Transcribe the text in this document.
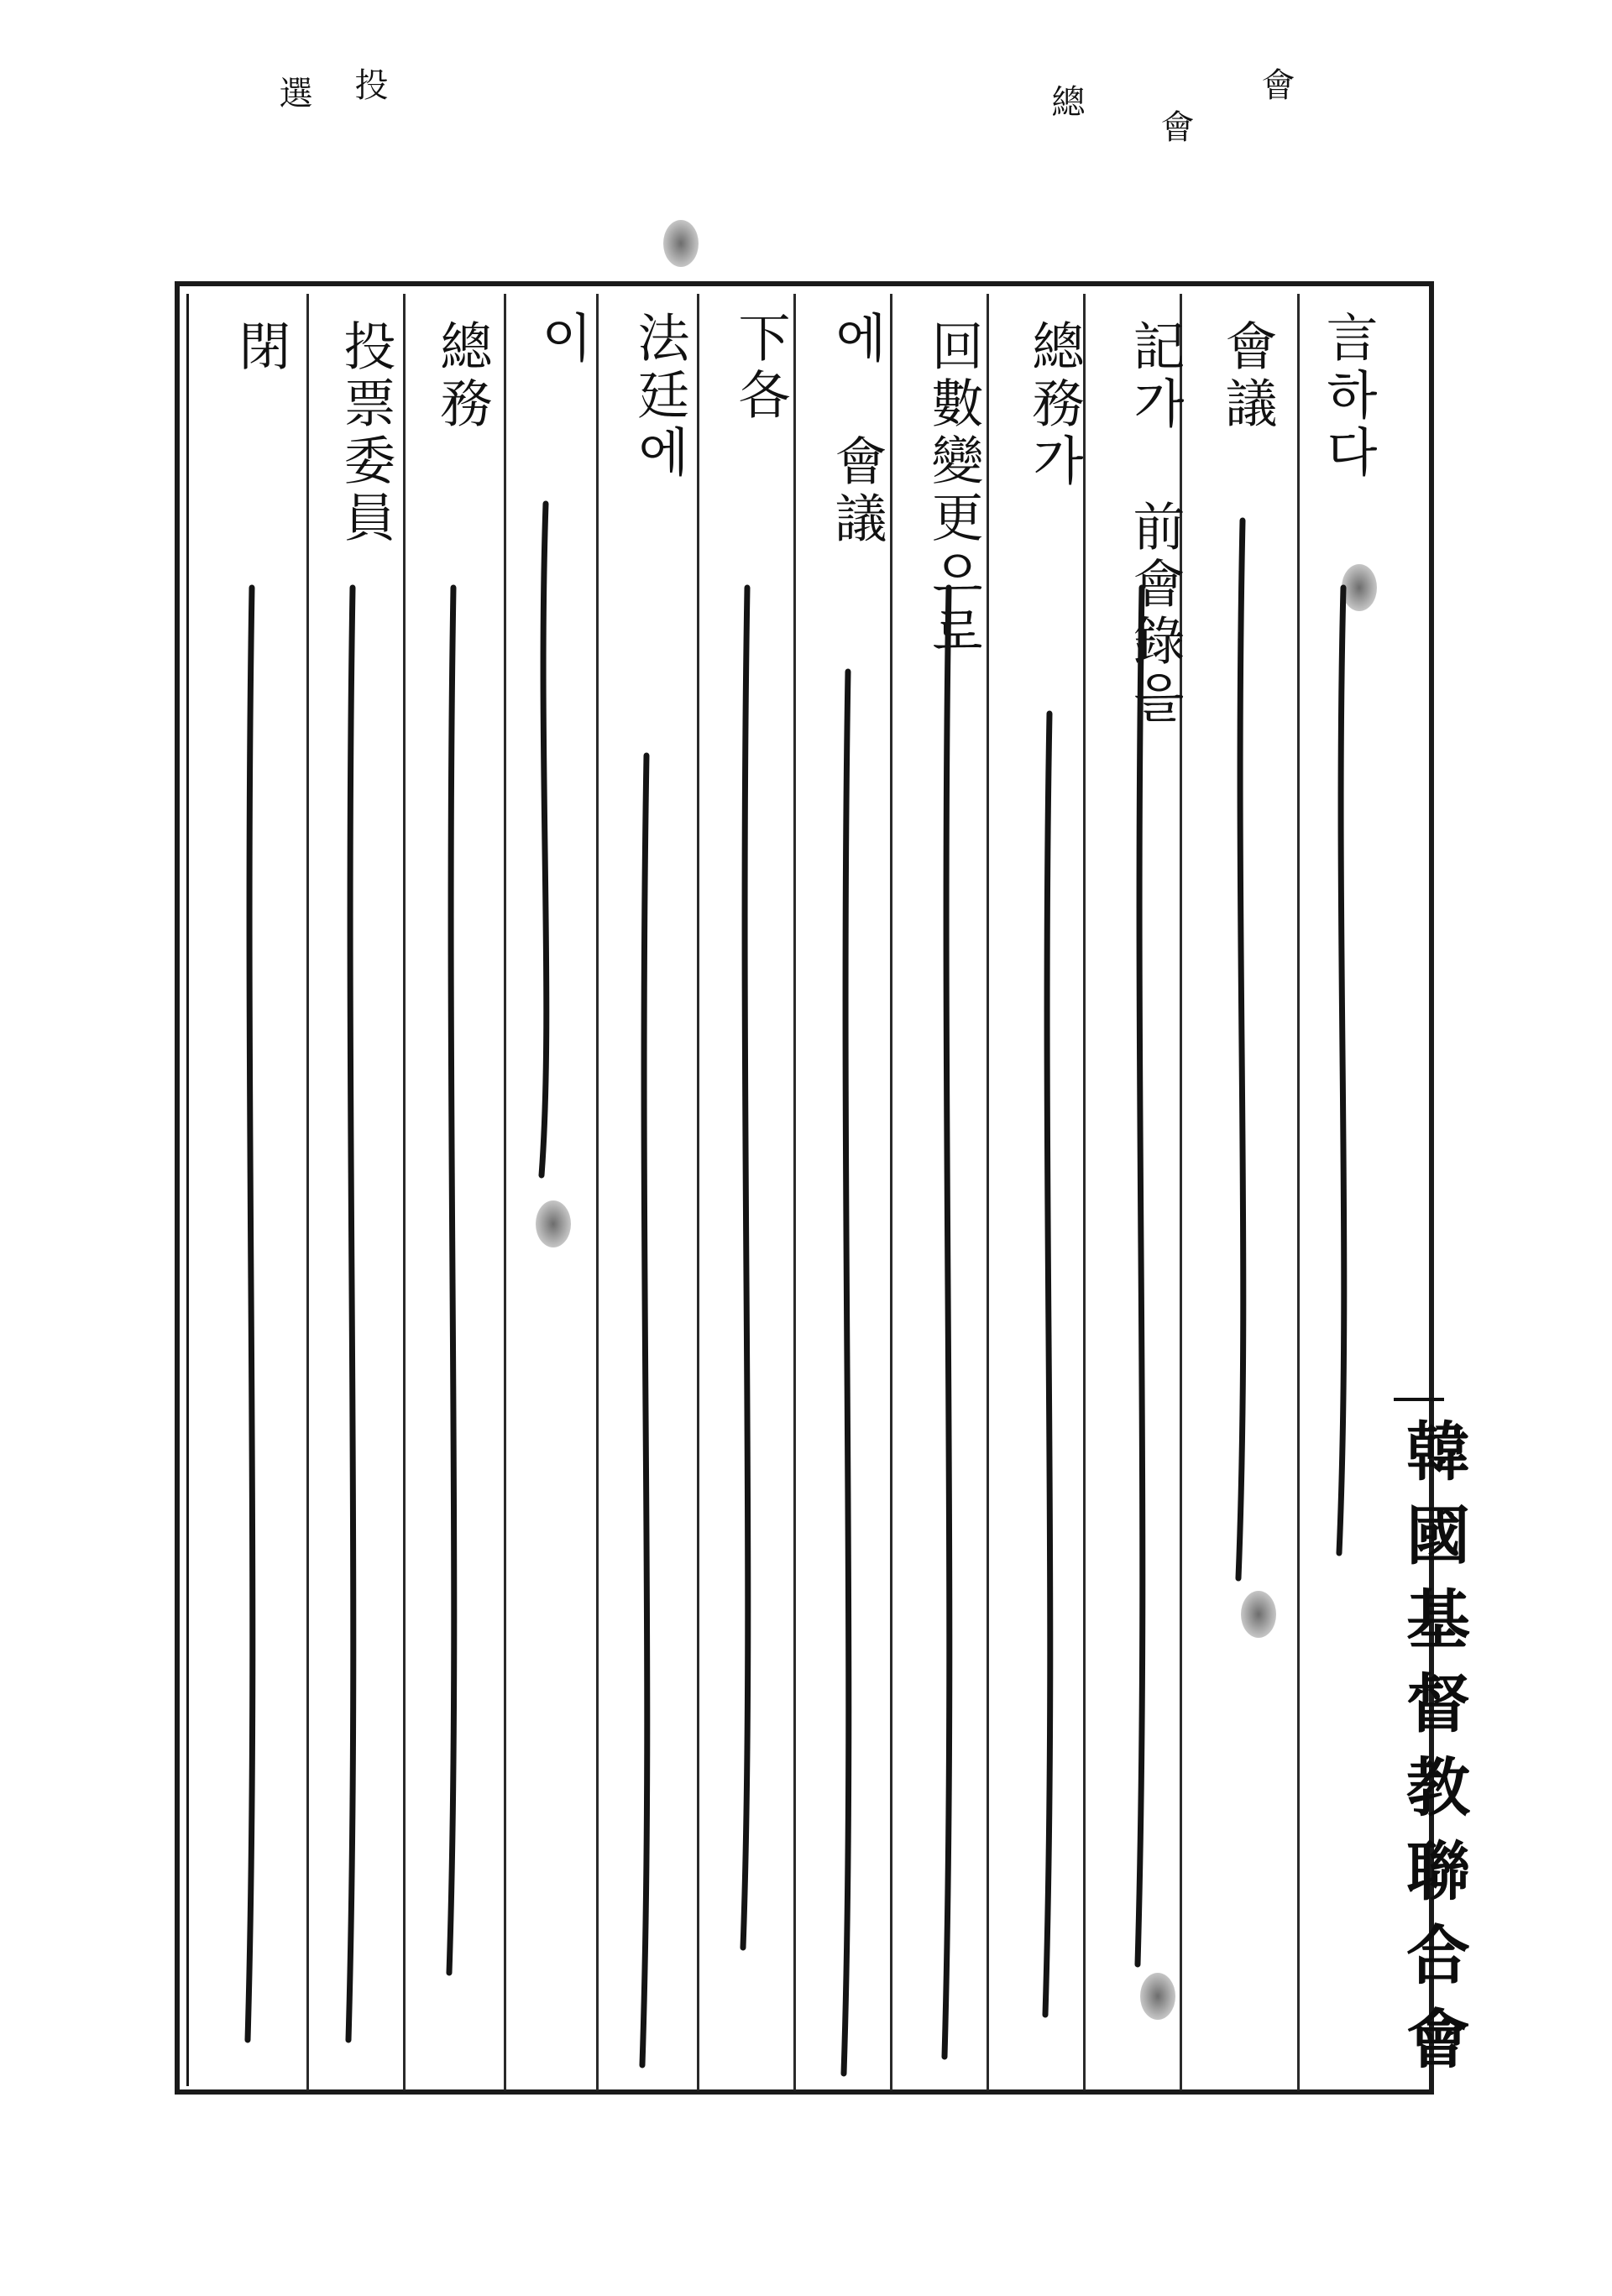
言하다
會議
記가 前會錄을
總務가
回數變更으로
에 會議
下各
法廷에
이
總務
投票委員
閉
會
會
總
投
選
韓
國
基
督
教
聯
合
會
